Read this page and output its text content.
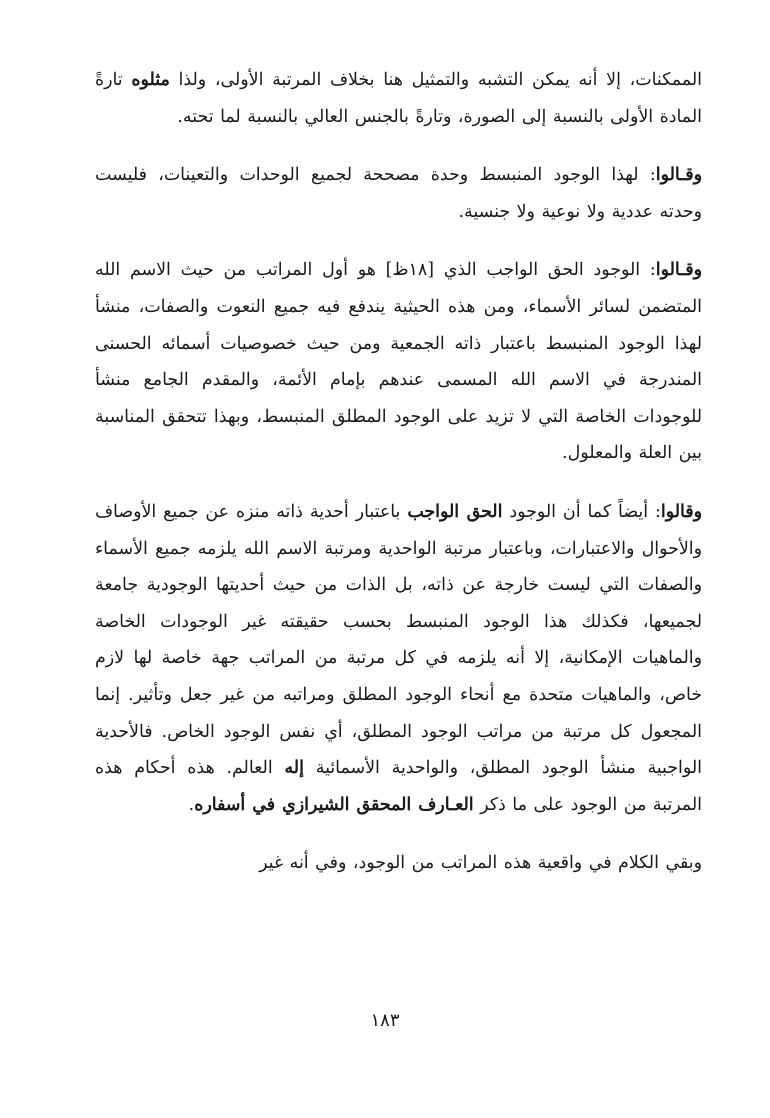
الممكنات، إلا أنه يمكن التشبه والتمثيل هنا بخلاف المرتبة الأولى، ولذا مثلوه تارةً المادة الأولى بالنسبة إلى الصورة، وتارةً بالجنس العالي بالنسبة لما تحته.

وقـالوا: لهذا الوجود المنبسط وحدة مصححة لجميع الوحدات والتعينات، فليست وحدته عددية ولا نوعية ولا جنسية.

وقـالوا: الوجود الحق الواجب الذي [١٨ظ] هو أول المراتب من حيث الاسم الله المتضمن لسائر الأسماء، ومن هذه الحيثية يندفع فيه جميع النعوت والصفات، منشأ لهذا الوجود المنبسط باعتبار ذاته الجمعية ومن حيث خصوصيات أسمائه الحسنى المندرجة في الاسم الله المسمى عندهم بإمام الأئمة، والمقدم الجامع منشأ للوجودات الخاصة التي لا تزيد على الوجود المطلق المنبسط، وبهذا تتحقق المناسبة بين العلة والمعلول.

وقالوا: أيضاً كما أن الوجود الحق الواجب باعتبار أحدية ذاته منزه عن جميع الأوصاف والأحوال والاعتبارات، وباعتبار مرتبة الواحدية ومرتبة الاسم الله يلزمه جميع الأسماء والصفات التي ليست خارجة عن ذاته، بل الذات من حيث أحديتها الوجودية جامعة لجميعها، فكذلك هذا الوجود المنبسط بحسب حقيقته غير الوجودات الخاصة والماهيات الإمكانية، إلا أنه يلزمه في كل مرتبة من المراتب جهة خاصة لها لازم خاص، والماهيات متحدة مع أنحاء الوجود المطلق ومراتبه من غير جعل وتأثير. إنما المجعول كل مرتبة من مراتب الوجود المطلق، أي نفس الوجود الخاص. فالأحدية الواجبية منشأ الوجود المطلق، والواحدية الأسمائية إله العالم. هذه أحكام هذه المرتبة من الوجود على ما ذكر العـارف المحقق الشيرازي في أسفاره.

وبقي الكلام في واقعية هذه المراتب من الوجود، وفي أنه غير

١٨٣
